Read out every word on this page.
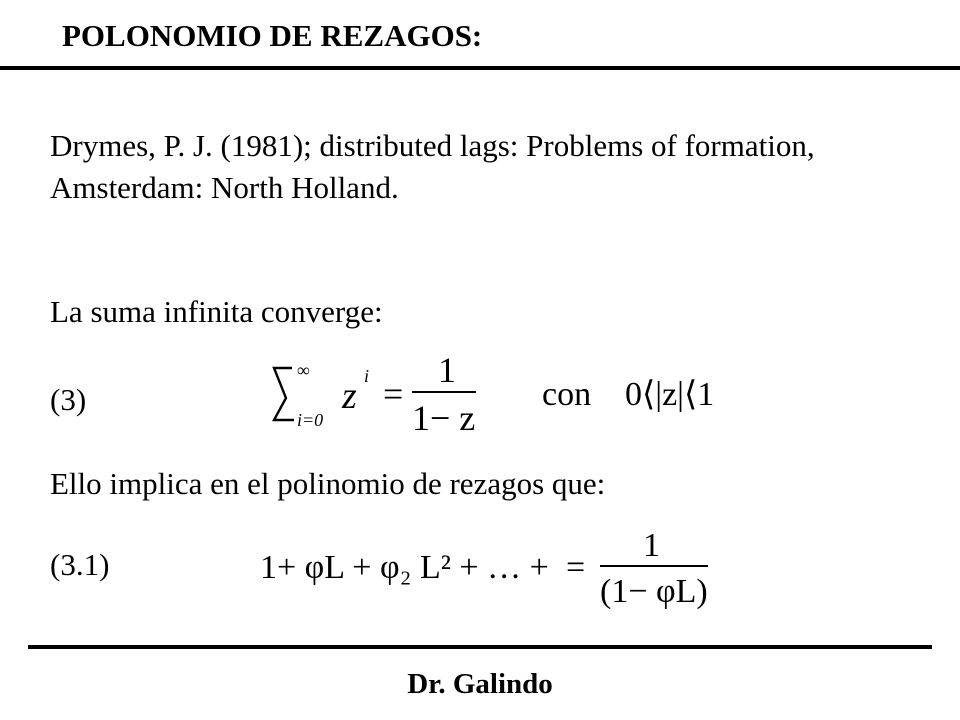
POLONOMIO DE REZAGOS:
Drymes, P. J. (1981); distributed lags: Problems of formation,
Amsterdam: North Holland.
La suma infinita converge:
(3)
∞
i=0
z i =
1
1− z
con 0⟨|z|⟨1
Ello implica en el polinomio de rezagos que:
(3.1)	1+ φL + φ₂ L² + … + =
1
(1− φL)
Dr. Galindo
